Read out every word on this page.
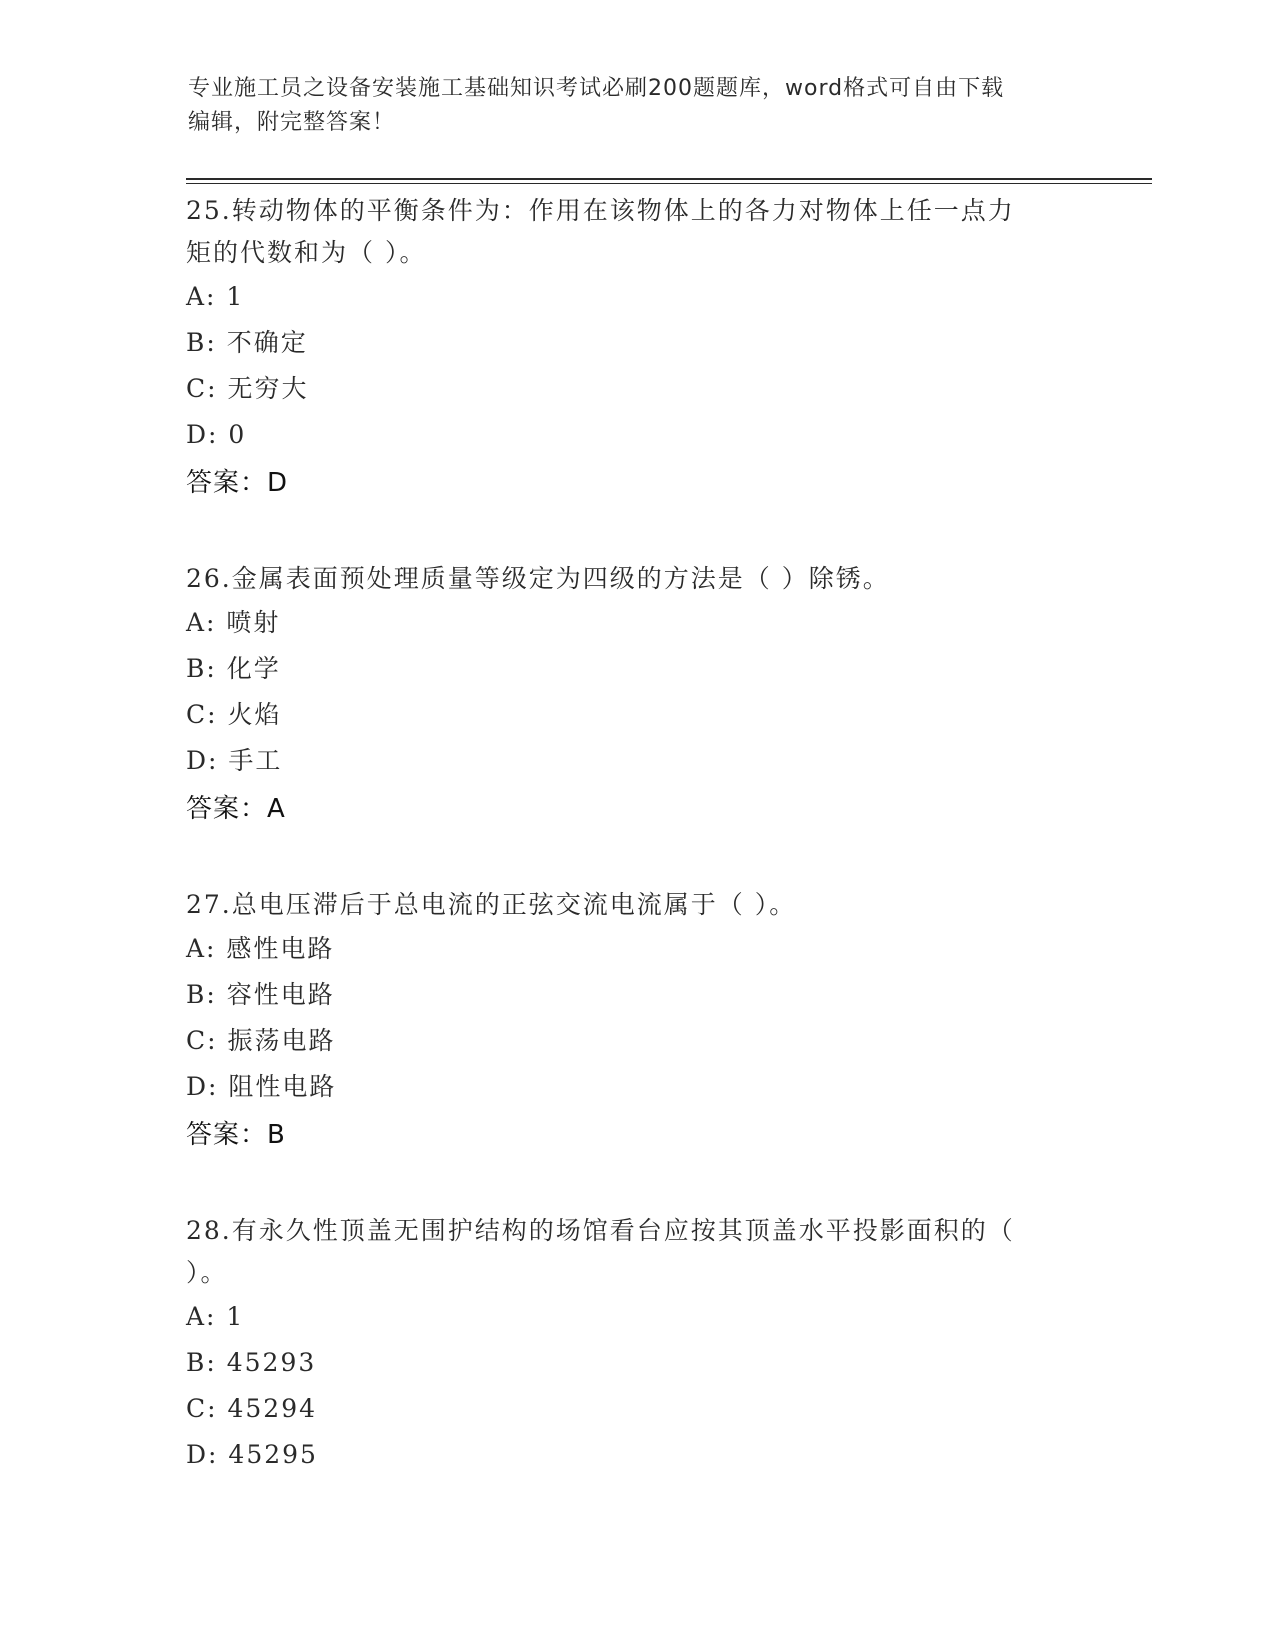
专业施工员之设备安装施工基础知识考试必刷200题题库，word格式可自由下载
编辑，附完整答案！
25.转动物体的平衡条件为：作用在该物体上的各力对物体上任一点力
矩的代数和为（ ）。
A: 1
B: 不确定
C: 无穷大
D: 0
答案：D
26.金属表面预处理质量等级定为四级的方法是（ ）除锈。
A: 喷射
B: 化学
C: 火焰
D: 手工
答案：A
27.总电压滞后于总电流的正弦交流电流属于（ ）。
A: 感性电路
B: 容性电路
C: 振荡电路
D: 阻性电路
答案：B
28.有永久性顶盖无围护结构的场馆看台应按其顶盖水平投影面积的（
）。
A: 1
B: 45293
C: 45294
D: 45295
